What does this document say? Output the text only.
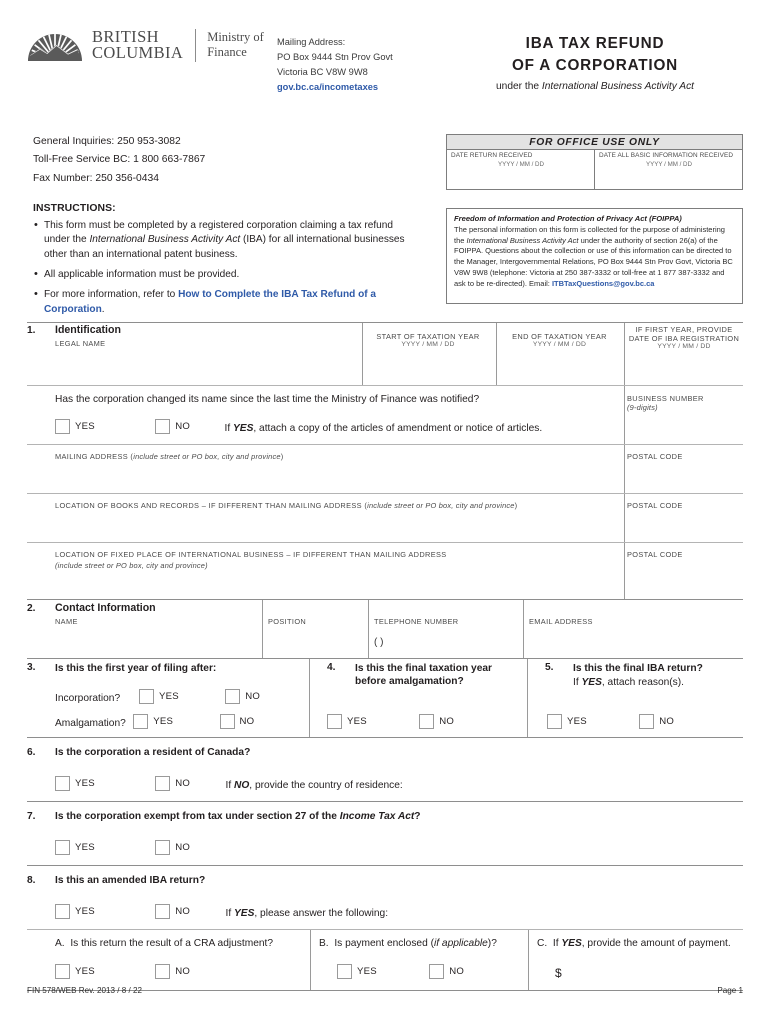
BRITISH
COLUMBIA
Ministry of
Finance
Mailing Address:
PO Box 9444 Stn Prov Govt
Victoria BC V8W 9W8
gov.bc.ca/incometaxes
IBA TAX REFUND
OF A CORPORATION
under the International Business Activity Act
General Inquiries: 250 953-3082
Toll-Free Service BC: 1 800 663-7867
Fax Number: 250 356-0434
FOR OFFICE USE ONLY
DATE RETURN RECEIVED
YYYY / MM / DD
DATE ALL BASIC INFORMATION RECEIVED
YYYY / MM / DD
INSTRUCTIONS:
• This form must be completed by a registered corporation claiming a tax refund under the International Business Activity Act (IBA) for all international businesses other than an international patent business.
• All applicable information must be provided.
• For more information, refer to How to Complete the IBA Tax Refund of a Corporation.
Freedom of Information and Protection of Privacy Act (FOIPPA)
The personal information on this form is collected for the purpose of administering the International Business Activity Act under the authority of section 26(a) of the FOIPPA. Questions about the collection or use of this information can be directed to the Manager, Intergovernmental Relations, PO Box 9444 Stn Prov Govt, Victoria BC V8W 9W8 (telephone: Victoria at 250 387-3332 or toll-free at 1 877 387-3332 and ask to be re-directed). Email: ITBTaxQuestions@gov.bc.ca
1. Identification
LEGAL NAME
START OF TAXATION YEAR
YYYY / MM / DD
END OF TAXATION YEAR
YYYY / MM / DD
IF FIRST YEAR, PROVIDE
DATE OF IBA REGISTRATION
YYYY / MM / DD
Has the corporation changed its name since the last time the Ministry of Finance was notified?
YES	NO	If YES, attach a copy of the articles of amendment or notice of articles.
BUSINESS NUMBER
(9-digits)
MAILING ADDRESS (include street or PO box, city and province)	POSTAL CODE
LOCATION OF BOOKS AND RECORDS – IF DIFFERENT THAN MAILING ADDRESS (include street or PO box, city and province)	POSTAL CODE
LOCATION OF FIXED PLACE OF INTERNATIONAL BUSINESS – IF DIFFERENT THAN MAILING ADDRESS
(include street or PO box, city and province)
POSTAL CODE
2. Contact Information
NAME	POSITION	TELEPHONE NUMBER	EMAIL ADDRESS
( )
3. Is this the first year of filing after:
Incorporation?	YES	NO
Amalgamation?	YES	NO
4. Is this the final taxation year
before amalgamation?
YES	NO
5. Is this the final IBA return?
If YES, attach reason(s).
YES	NO
6. Is the corporation a resident of Canada?
YES	NO	If NO, provide the country of residence:
7. Is the corporation exempt from tax under section 27 of the Income Tax Act?
YES	NO
8. Is this an amended IBA return?
YES	NO	If YES, please answer the following:
A. Is this return the result of a CRA adjustment?
YES	NO
B. Is payment enclosed (if applicable)?
YES	NO
C. If YES, provide the amount of payment.
$
FIN 578/WEB Rev. 2013 / 8 / 22	Page 1
